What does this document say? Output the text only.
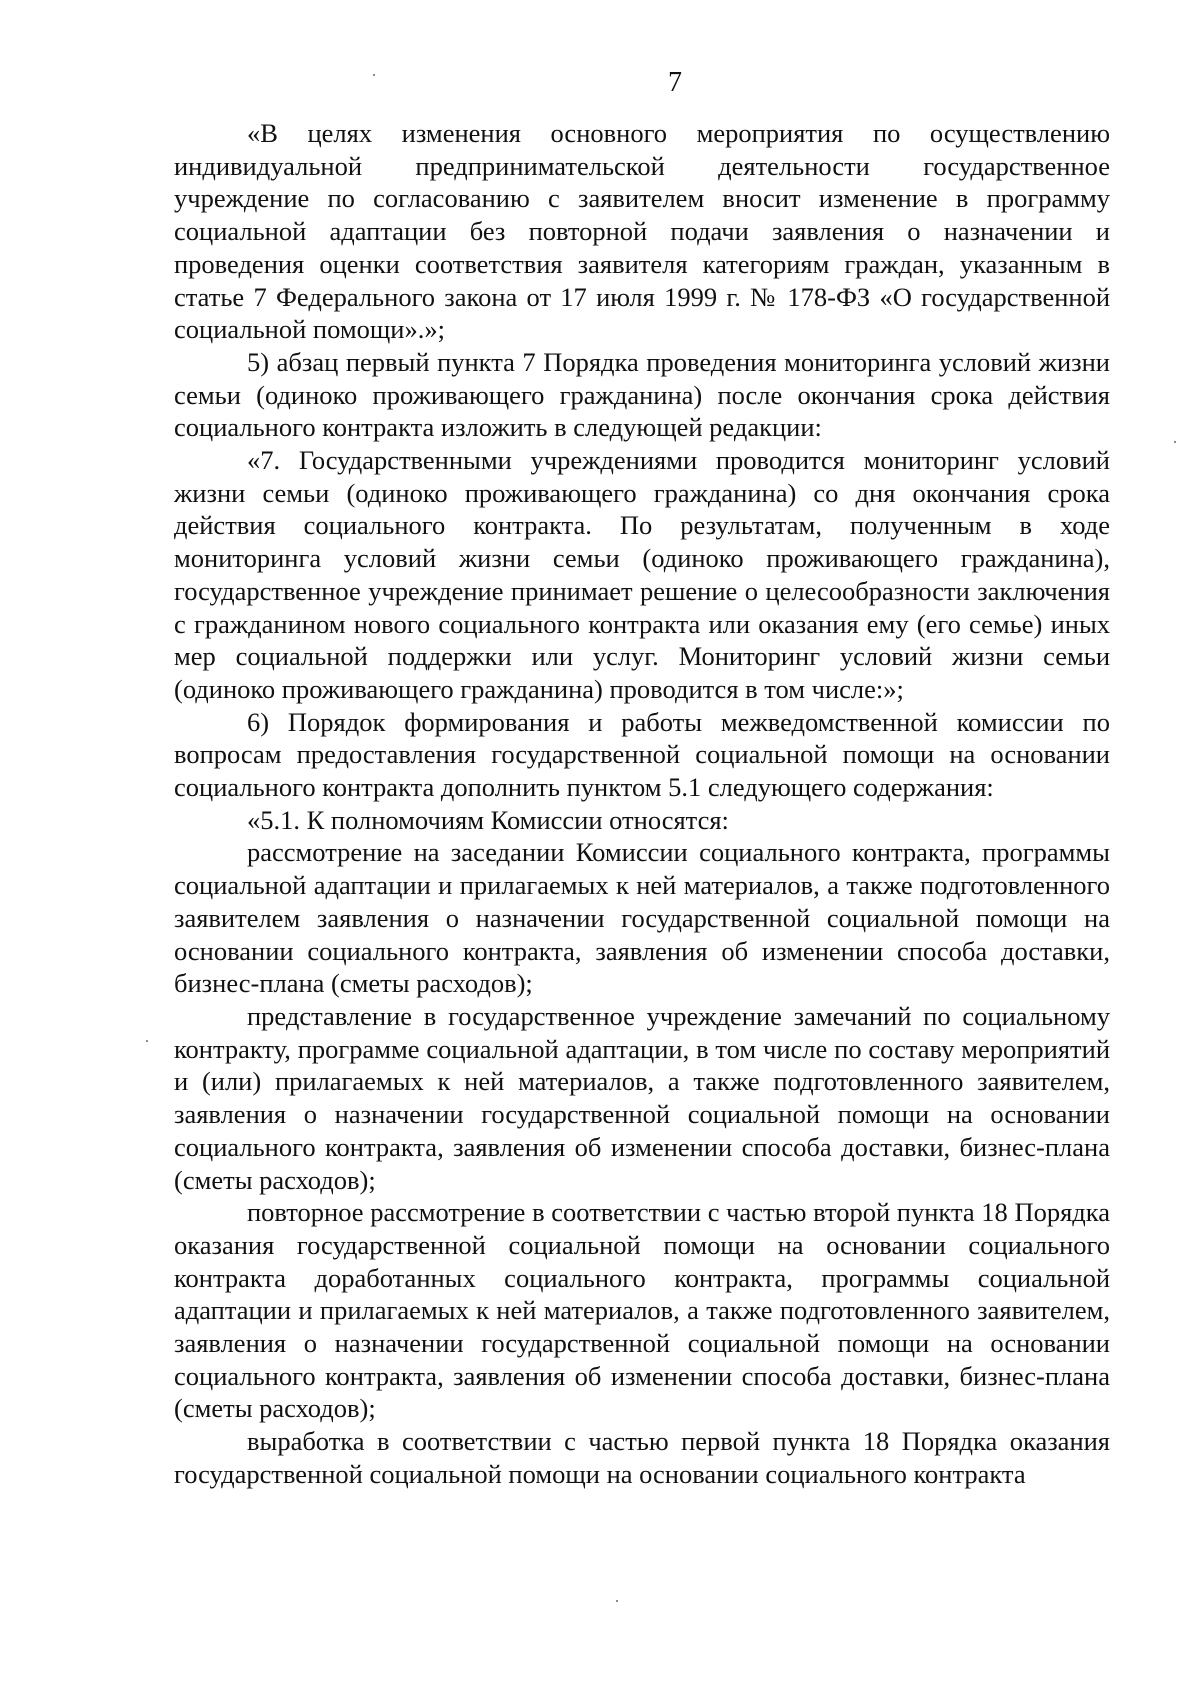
7

«В целях изменения основного мероприятия по осуществлению индивидуальной предпринимательской деятельности государственное учреждение по согласованию с заявителем вносит изменение в программу социальной адаптации без повторной подачи заявления о назначении и проведения оценки соответствия заявителя категориям граждан, указанным в статье 7 Федерального закона от 17 июля 1999 г. № 178-ФЗ «О государственной социальной помощи».»;

5) абзац первый пункта 7 Порядка проведения мониторинга условий жизни семьи (одиноко проживающего гражданина) после окончания срока действия социального контракта изложить в следующей редакции:

«7. Государственными учреждениями проводится мониторинг условий жизни семьи (одиноко проживающего гражданина) со дня окончания срока действия социального контракта. По результатам, полученным в ходе мониторинга условий жизни семьи (одиноко проживающего гражданина), государственное учреждение принимает решение о целесообразности заключения с гражданином нового социального контракта или оказания ему (его семье) иных мер социальной поддержки или услуг. Мониторинг условий жизни семьи (одиноко проживающего гражданина) проводится в том числе:»;

6) Порядок формирования и работы межведомственной комиссии по вопросам предоставления государственной социальной помощи на основании социального контракта дополнить пунктом 5.1 следующего содержания:

«5.1. К полномочиям Комиссии относятся:

рассмотрение на заседании Комиссии социального контракта, программы социальной адаптации и прилагаемых к ней материалов, а также подготовленного заявителем заявления о назначении государственной социальной помощи на основании социального контракта, заявления об изменении способа доставки, бизнес-плана (сметы расходов);

представление в государственное учреждение замечаний по социальному контракту, программе социальной адаптации, в том числе по составу мероприятий и (или) прилагаемых к ней материалов, а также подготовленного заявителем, заявления о назначении государственной социальной помощи на основании социального контракта, заявления об изменении способа доставки, бизнес-плана (сметы расходов);

повторное рассмотрение в соответствии с частью второй пункта 18 Порядка оказания государственной социальной помощи на основании социального контракта доработанных социального контракта, программы социальной адаптации и прилагаемых к ней материалов, а также подготовленного заявителем, заявления о назначении государственной социальной помощи на основании социального контракта, заявления об изменении способа доставки, бизнес-плана (сметы расходов);

выработка в соответствии с частью первой пункта 18 Порядка оказания государственной социальной помощи на основании социального контракта
